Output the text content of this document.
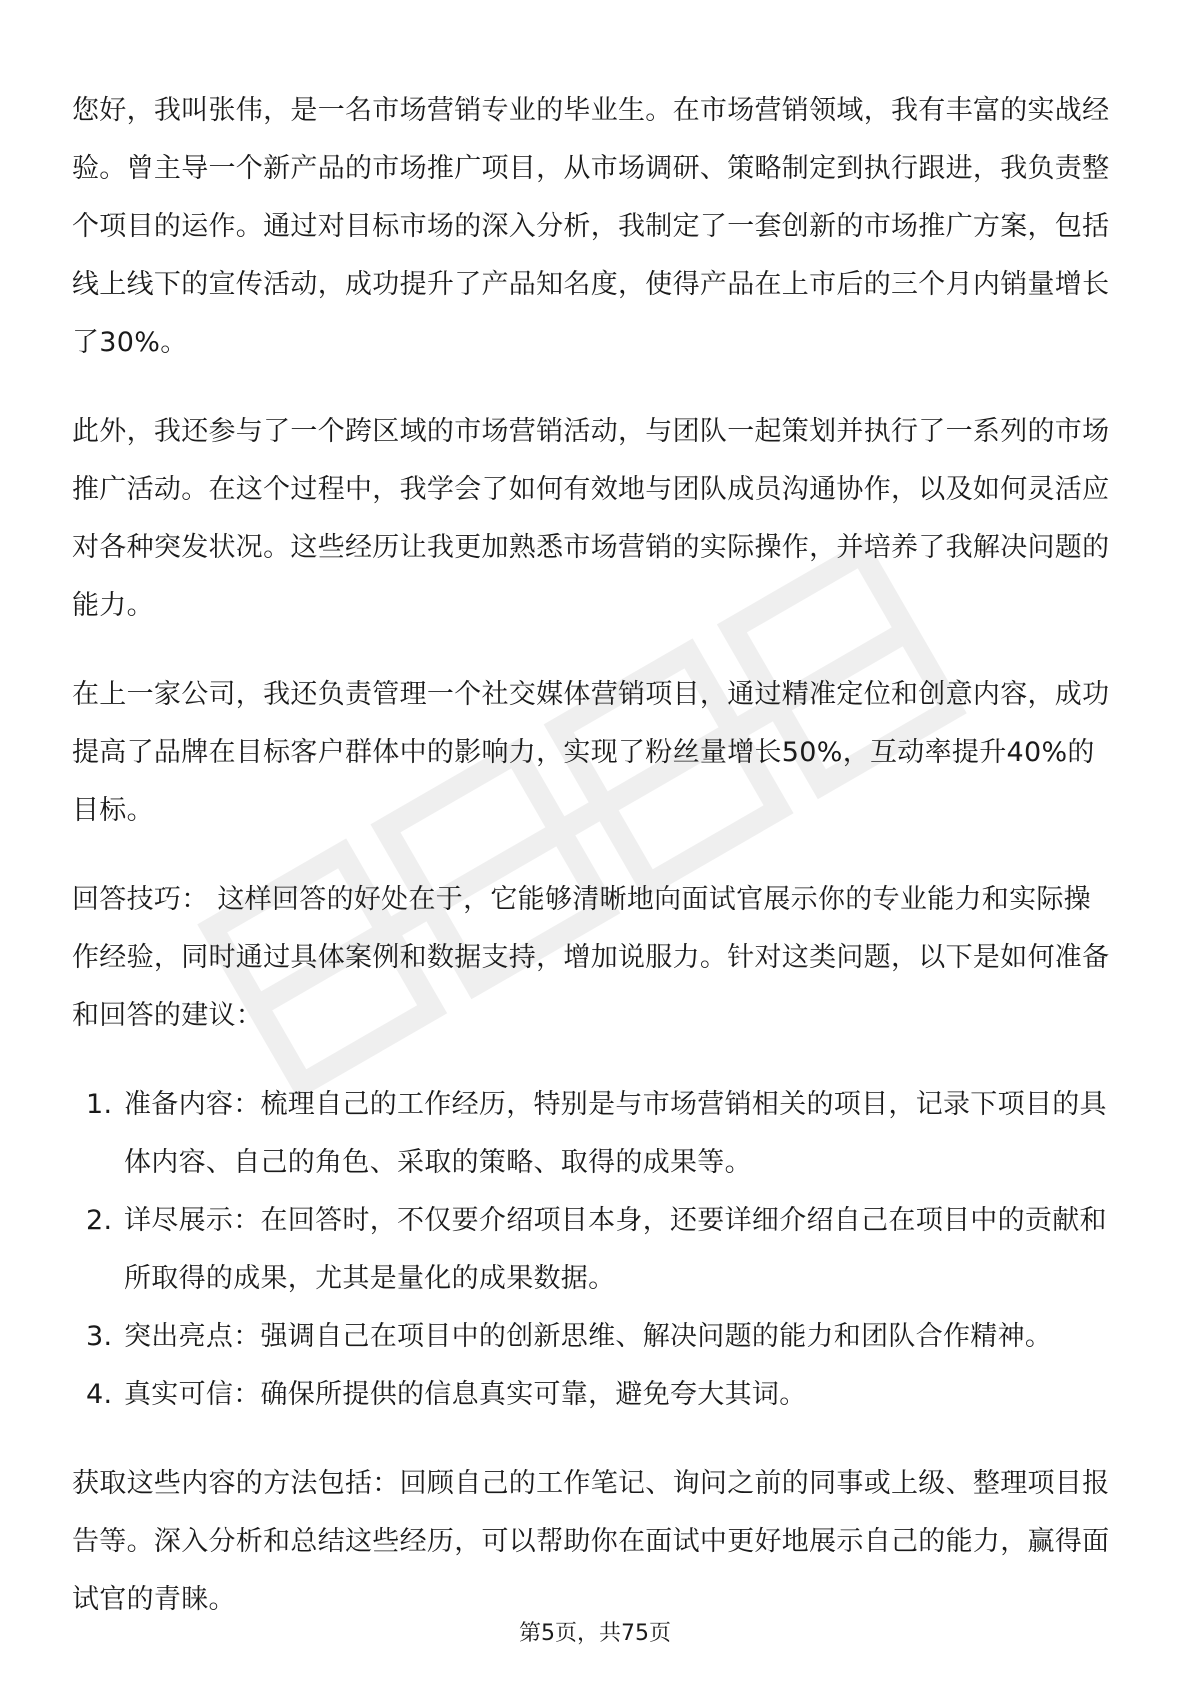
您好，我叫张伟，是一名市场营销专业的毕业生。在市场营销领域，我有丰富的实战经验。曾主导一个新产品的市场推广项目，从市场调研、策略制定到执行跟进，我负责整个项目的运作。通过对目标市场的深入分析，我制定了一套创新的市场推广方案，包括线上线下的宣传活动，成功提升了产品知名度，使得产品在上市后的三个月内销量增长了30%。

此外，我还参与了一个跨区域的市场营销活动，与团队一起策划并执行了一系列的市场推广活动。在这个过程中，我学会了如何有效地与团队成员沟通协作，以及如何灵活应对各种突发状况。这些经历让我更加熟悉市场营销的实际操作，并培养了我解决问题的能力。

在上一家公司，我还负责管理一个社交媒体营销项目，通过精准定位和创意内容，成功提高了品牌在目标客户群体中的影响力，实现了粉丝量增长50%，互动率提升40%的目标。

回答技巧： 这样回答的好处在于，它能够清晰地向面试官展示你的专业能力和实际操作经验，同时通过具体案例和数据支持，增加说服力。针对这类问题，以下是如何准备和回答的建议：

1. 准备内容：梳理自己的工作经历，特别是与市场营销相关的项目，记录下项目的具体内容、自己的角色、采取的策略、取得的成果等。
2. 详尽展示：在回答时，不仅要介绍项目本身，还要详细介绍自己在项目中的贡献和所取得的成果，尤其是量化的成果数据。
3. 突出亮点：强调自己在项目中的创新思维、解决问题的能力和团队合作精神。
4. 真实可信：确保所提供的信息真实可靠，避免夸大其词。

获取这些内容的方法包括：回顾自己的工作笔记、询问之前的同事或上级、整理项目报告等。深入分析和总结这些经历，可以帮助你在面试中更好地展示自己的能力，赢得面试官的青睐。

第5页，共75页
